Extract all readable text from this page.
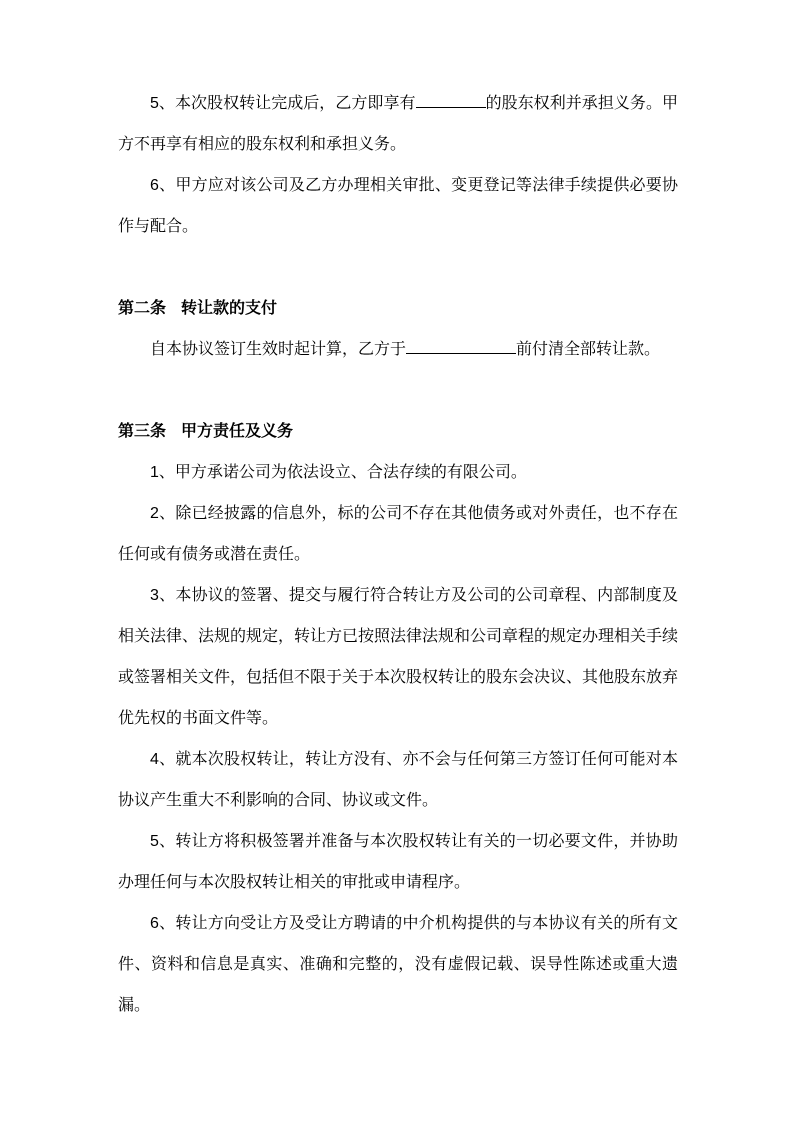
5、本次股权转让完成后，乙方即享有	的股东权利并承担义务。甲方不再享有相应的股东权利和承担义务。

6、甲方应对该公司及乙方办理相关审批、变更登记等法律手续提供必要协作与配合。

第二条 转让款的支付

自本协议签订生效时起计算，乙方于	前付清全部转让款。

第三条 甲方责任及义务

1、甲方承诺公司为依法设立、合法存续的有限公司。

2、除已经披露的信息外，标的公司不存在其他债务或对外责任，也不存在任何或有债务或潜在责任。

3、本协议的签署、提交与履行符合转让方及公司的公司章程、内部制度及相关法律、法规的规定，转让方已按照法律法规和公司章程的规定办理相关手续或签署相关文件，包括但不限于关于本次股权转让的股东会决议、其他股东放弃优先权的书面文件等。

4、就本次股权转让，转让方没有、亦不会与任何第三方签订任何可能对本协议产生重大不利影响的合同、协议或文件。

5、转让方将积极签署并准备与本次股权转让有关的一切必要文件，并协助办理任何与本次股权转让相关的审批或申请程序。

6、转让方向受让方及受让方聘请的中介机构提供的与本协议有关的所有文件、资料和信息是真实、准确和完整的，没有虚假记载、误导性陈述或重大遗漏。
